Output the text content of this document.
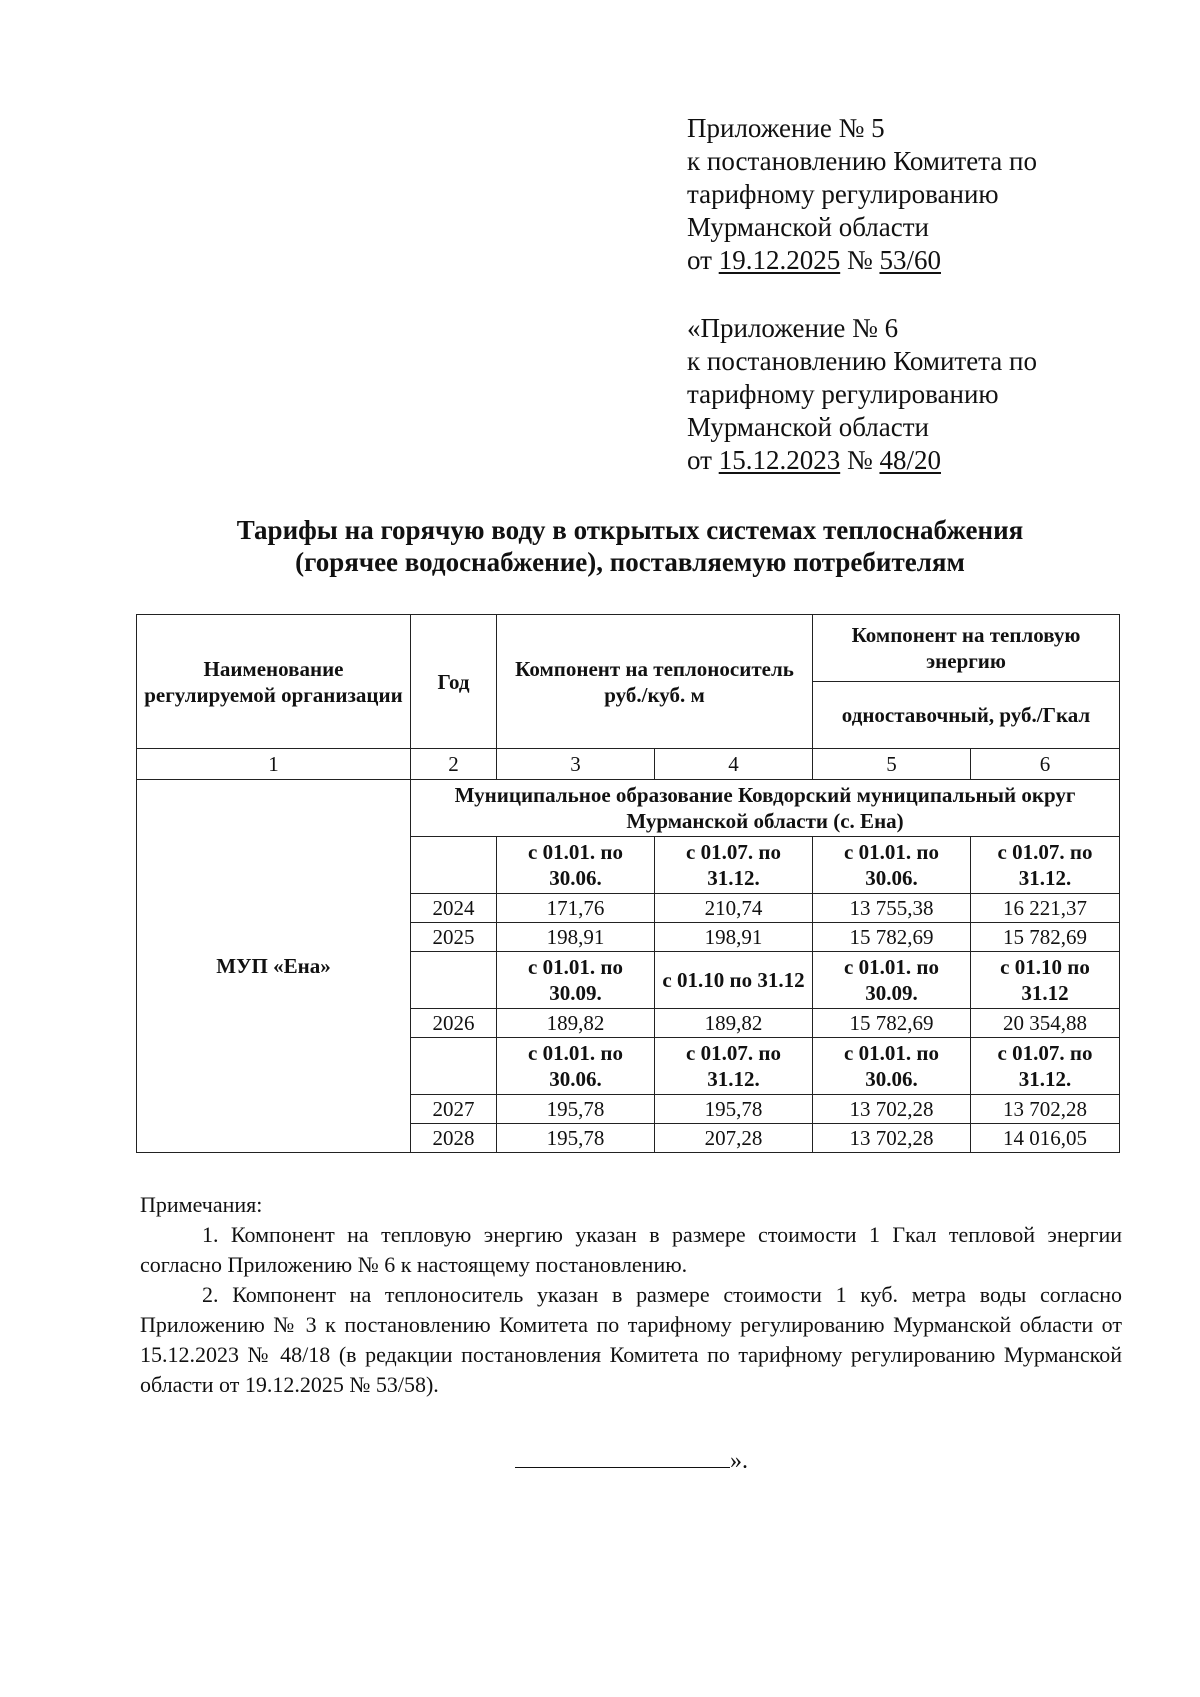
Приложение № 5
к постановлению Комитета по
тарифному регулированию
Мурманской области
от 19.12.2025 № 53/60
«Приложение № 6
к постановлению Комитета по
тарифному регулированию
Мурманской области
от 15.12.2023 № 48/20
Тарифы на горячую воду в открытых системах теплоснабжения
(горячее водоснабжение), поставляемую потребителям
Наименование регулируемой организации	Год	Компонент на теплоноситель руб./куб. м		Компонент на тепловую энергию	
				одноставочный, руб./Гкал	
1	2	3	4	5	6
МУП «Ена»	Муниципальное образование Ковдорский муниципальный округ Мурманской области (с. Ена)				
		с 01.01. по 30.06.	с 01.07. по 31.12.	с 01.01. по 30.06.	с 01.07. по 31.12.
	2024	171,76	210,74	13 755,38	16 221,37
	2025	198,91	198,91	15 782,69	15 782,69
		с 01.01. по 30.09.	с 01.10 по 31.12	с 01.01. по 30.09.	с 01.10 по 31.12
	2026	189,82	189,82	15 782,69	20 354,88
		с 01.01. по 30.06.	с 01.07. по 31.12.	с 01.01. по 30.06.	с 01.07. по 31.12.
	2027	195,78	195,78	13 702,28	13 702,28
	2028	195,78	207,28	13 702,28	14 016,05

Примечания:

1. Компонент на тепловую энергию указан в размере стоимости 1 Гкал тепловой энергии согласно Приложению № 6 к настоящему постановлению.

2. Компонент на теплоноситель указан в размере стоимости 1 куб. метра воды согласно Приложению № 3 к постановлению Комитета по тарифному регулированию Мурманской области от 15.12.2023 № 48/18 (в редакции постановления Комитета по тарифному регулированию Мурманской области от 19.12.2025 № 53/58).

».
